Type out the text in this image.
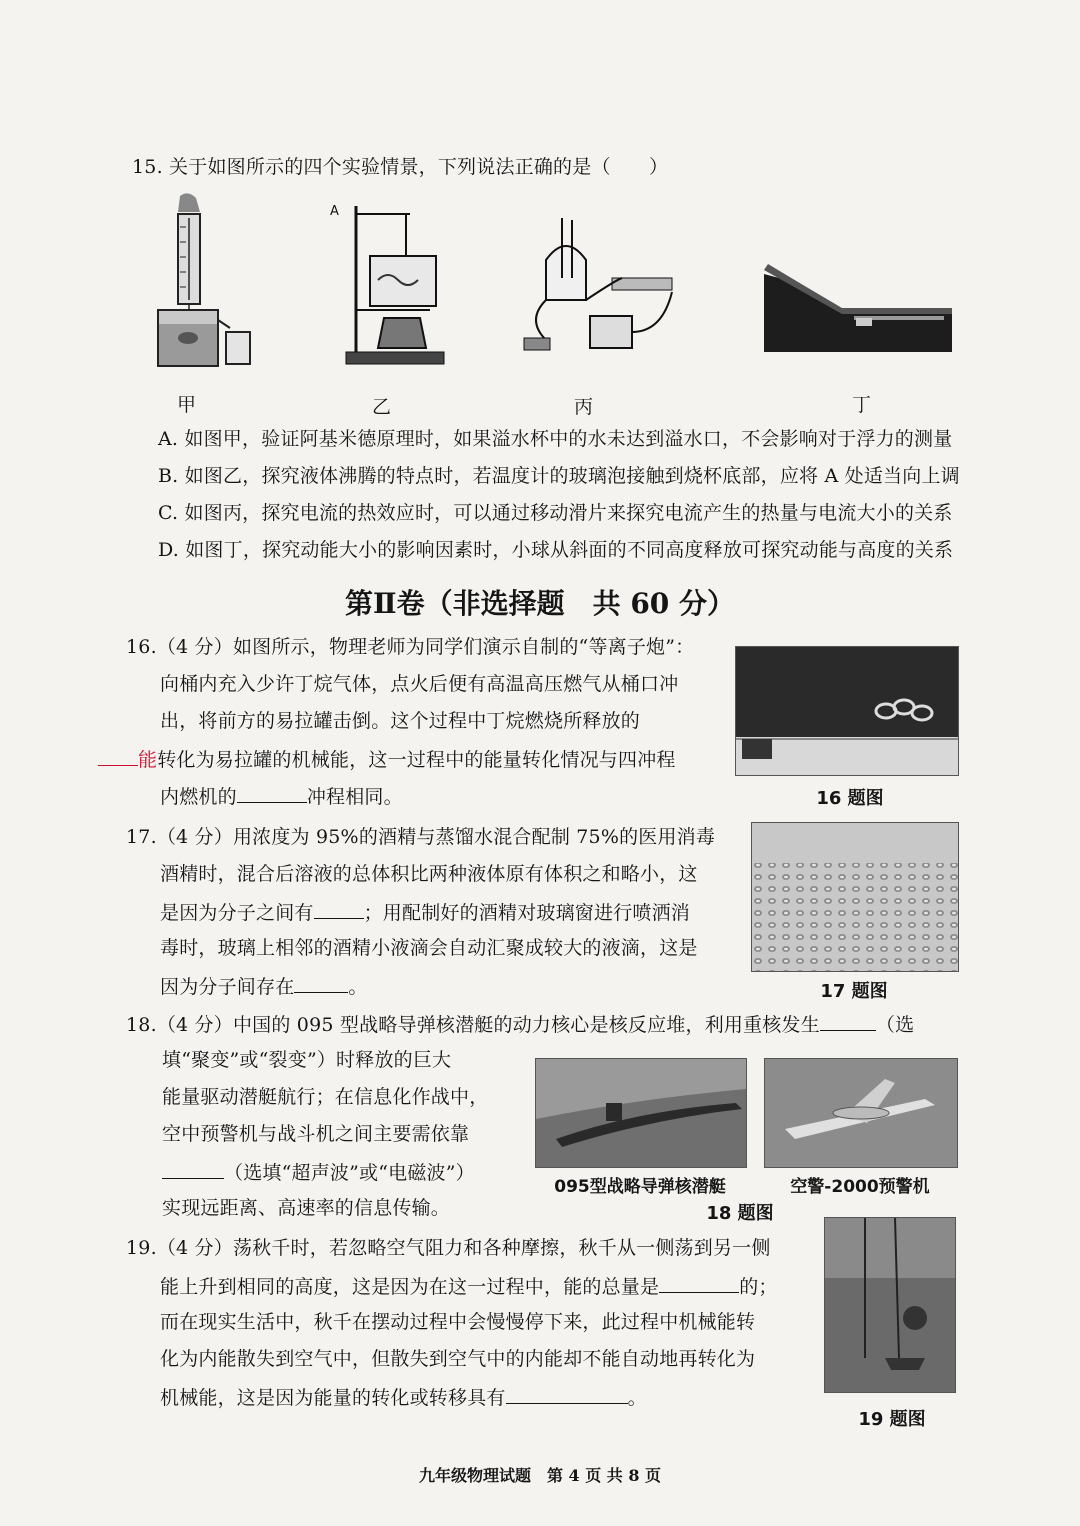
15. 关于如图所示的四个实验情景，下列说法正确的是（　　）
A
甲	乙	丙	丁
A. 如图甲，验证阿基米德原理时，如果溢水杯中的水未达到溢水口，不会影响对于浮力的测量
B. 如图乙，探究液体沸腾的特点时，若温度计的玻璃泡接触到烧杯底部，应将 A 处适当向上调
C. 如图丙，探究电流的热效应时，可以通过移动滑片来探究电流产生的热量与电流大小的关系
D. 如图丁，探究动能大小的影响因素时，小球从斜面的不同高度释放可探究动能与高度的关系
第Ⅱ卷（非选择题　共 60 分）
16.（4 分）如图所示，物理老师为同学们演示自制的“等离子炮”：
向桶内充入少许丁烷气体，点火后便有高温高压燃气从桶口冲
出，将前方的易拉罐击倒。这个过程中丁烷燃烧所释放的
能转化为易拉罐的机械能，这一过程中的能量转化情况与四冲程
内燃机的	冲程相同。	16 题图
17.（4 分）用浓度为 95%的酒精与蒸馏水混合配制 75%的医用消毒
酒精时，混合后溶液的总体积比两种液体原有体积之和略小，这
是因为分子之间有	；用配制好的酒精对玻璃窗进行喷洒消
毒时，玻璃上相邻的酒精小液滴会自动汇聚成较大的液滴，这是
因为分子间存在	。	17 题图
18.（4 分）中国的 095 型战略导弹核潜艇的动力核心是核反应堆，利用重核发生	（选
填“聚变”或“裂变”）时释放的巨大
能量驱动潜艇航行；在信息化作战中，
空中预警机与战斗机之间主要需依靠
（选填“超声波”或“电磁波”）
实现远距离、高速率的信息传输。
095型战略导弹核潜艇	空警-2000预警机
18 题图
19.（4 分）荡秋千时，若忽略空气阻力和各种摩擦，秋千从一侧荡到另一侧
能上升到相同的高度，这是因为在这一过程中，能的总量是	的；
而在现实生活中，秋千在摆动过程中会慢慢停下来，此过程中机械能转
化为内能散失到空气中，但散失到空气中的内能却不能自动地再转化为
机械能，这是因为能量的转化或转移具有	。
19 题图
九年级物理试题　第 4 页 共 8 页
